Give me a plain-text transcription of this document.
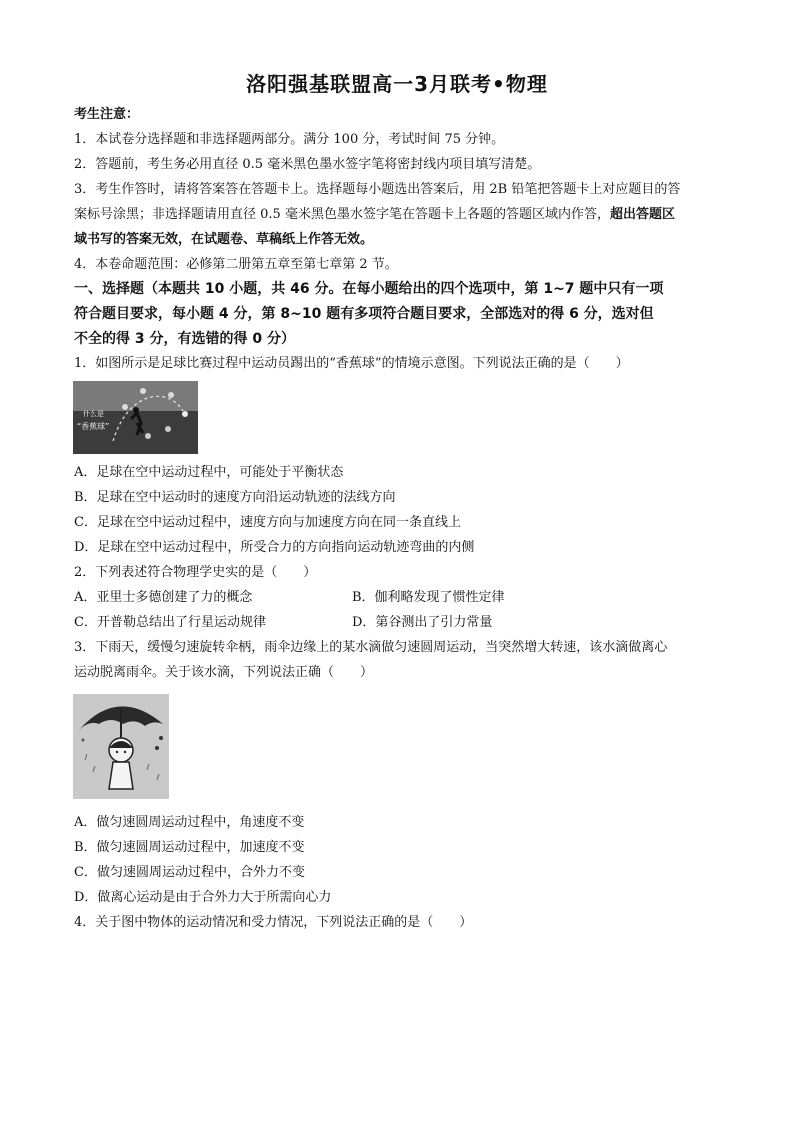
洛阳强基联盟高一3月联考•物理
考生注意：
1．本试卷分选择题和非选择题两部分。满分 100 分，考试时间 75 分钟。
2．答题前，考生务必用直径 0.5 毫米黑色墨水签字笔将密封线内项目填写清楚。
3．考生作答时，请将答案答在答题卡上。选择题每小题选出答案后，用 2B 铅笔把答题卡上对应题目的答
案标号涂黑；非选择题请用直径 0.5 毫米黑色墨水签字笔在答题卡上各题的答题区域内作答，超出答题区
域书写的答案无效，在试题卷、草稿纸上作答无效。
4．本卷命题范围：必修第二册第五章至第七章第 2 节。
一、选择题（本题共 10 小题，共 46 分。在每小题给出的四个选项中，第 1~7 题中只有一项
符合题目要求，每小题 4 分，第 8~10 题有多项符合题目要求，全部选对的得 6 分，选对但
不全的得 3 分，有选错的得 0 分）
1．如图所示是足球比赛过程中运动员踢出的“香蕉球”的情境示意图。下列说法正确的是（　　）
什么是
“香蕉球”
A．足球在空中运动过程中，可能处于平衡状态
B．足球在空中运动时的速度方向沿运动轨迹的法线方向
C．足球在空中运动过程中，速度方向与加速度方向在同一条直线上
D．足球在空中运动过程中，所受合力的方向指向运动轨迹弯曲的内侧
2．下列表述符合物理学史实的是（　　）
A．亚里士多德创建了力的概念	B．伽利略发现了惯性定律
C．开普勒总结出了行星运动规律	D．第谷测出了引力常量
3．下雨天，缓慢匀速旋转伞柄，雨伞边缘上的某水滴做匀速圆周运动，当突然增大转速，该水滴做离心
运动脱离雨伞。关于该水滴，下列说法正确（　　）
A．做匀速圆周运动过程中，角速度不变
B．做匀速圆周运动过程中，加速度不变
C．做匀速圆周运动过程中，合外力不变
D．做离心运动是由于合外力大于所需向心力
4．关于图中物体的运动情况和受力情况，下列说法正确的是（　　）
